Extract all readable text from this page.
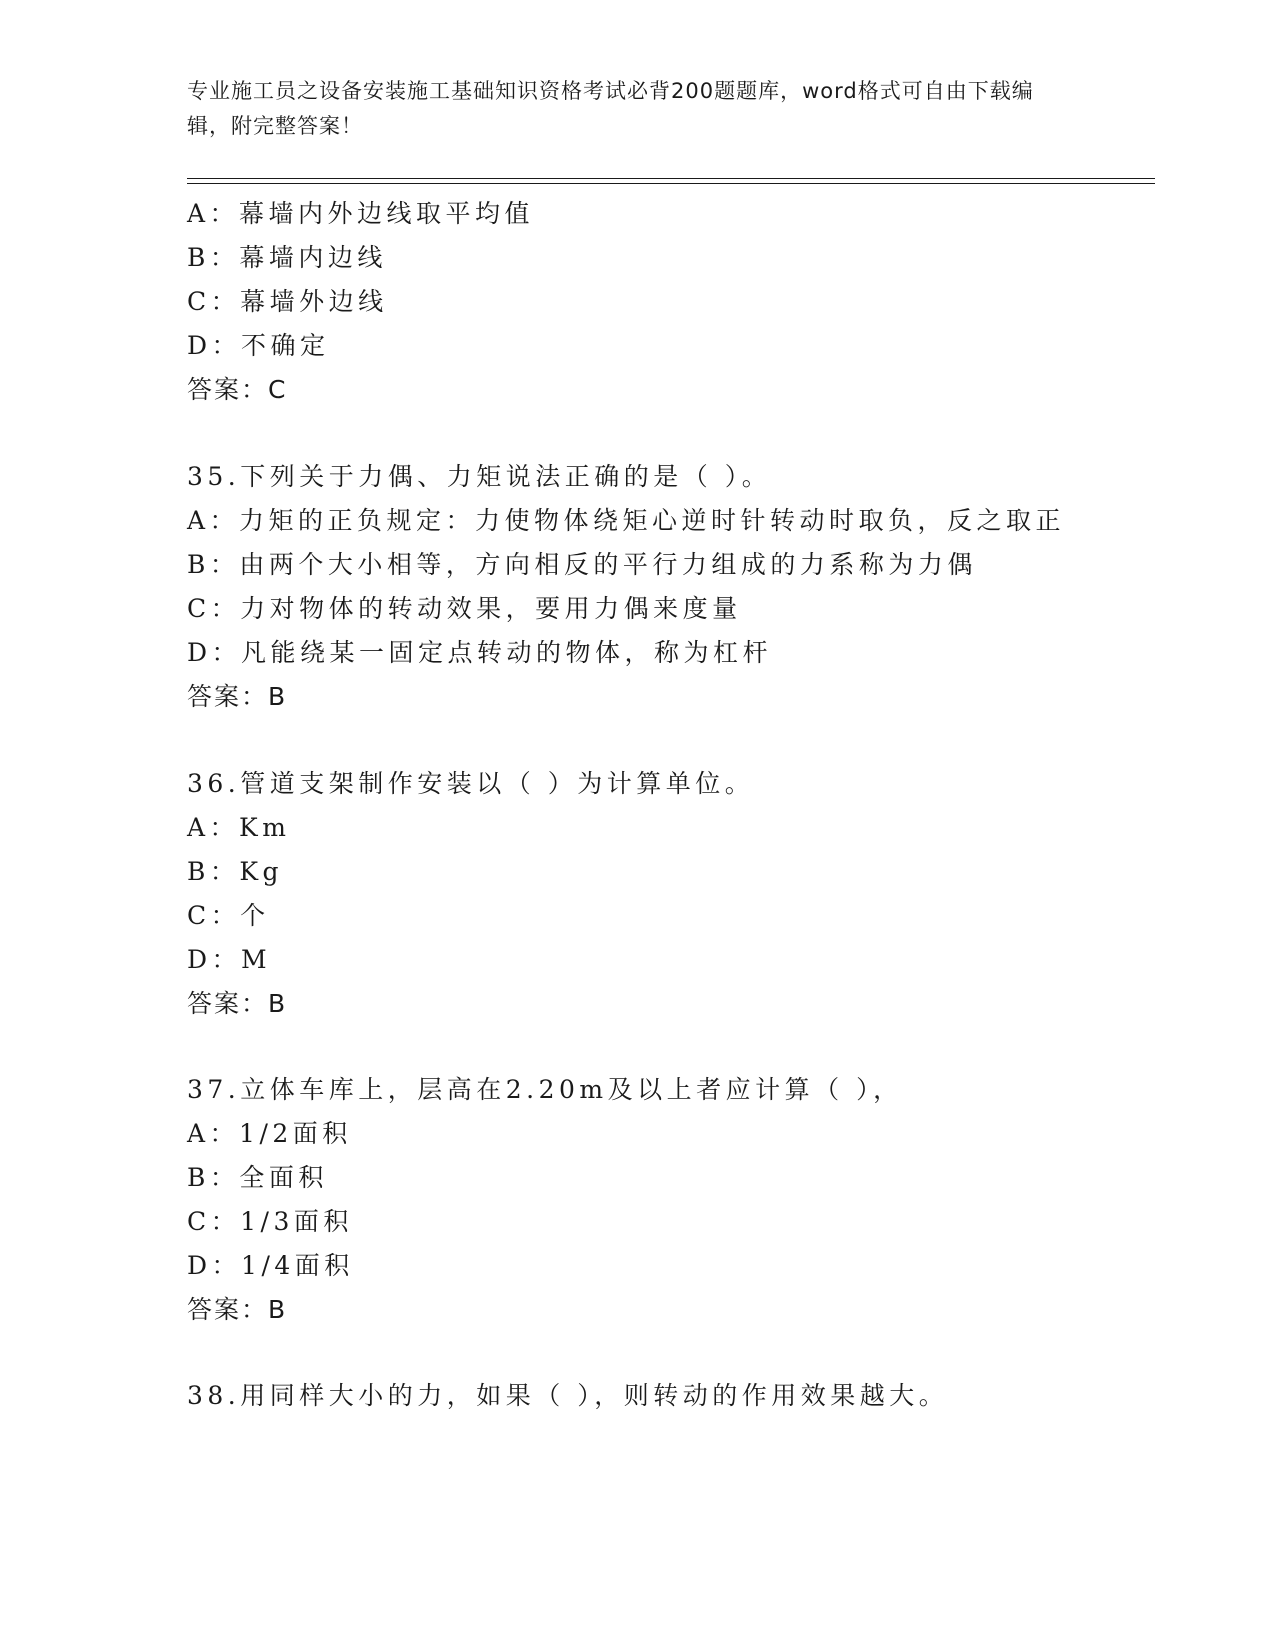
专业施工员之设备安装施工基础知识资格考试必背200题题库，word格式可自由下载编辑，附完整答案！
A：幕墙内外边线取平均值
B：幕墙内边线
C：幕墙外边线
D：不确定
答案：C
35.下列关于力偶、力矩说法正确的是（ ）。
A：力矩的正负规定：力使物体绕矩心逆时针转动时取负，反之取正
B：由两个大小相等，方向相反的平行力组成的力系称为力偶
C：力对物体的转动效果，要用力偶来度量
D：凡能绕某一固定点转动的物体，称为杠杆
答案：B
36.管道支架制作安装以（ ）为计算单位。
A：Km
B：Kg
C：个
D：M
答案：B
37.立体车库上，层高在2.20m及以上者应计算（ ），
A：1/2面积
B：全面积
C：1/3面积
D：1/4面积
答案：B
38.用同样大小的力，如果（ ），则转动的作用效果越大。
